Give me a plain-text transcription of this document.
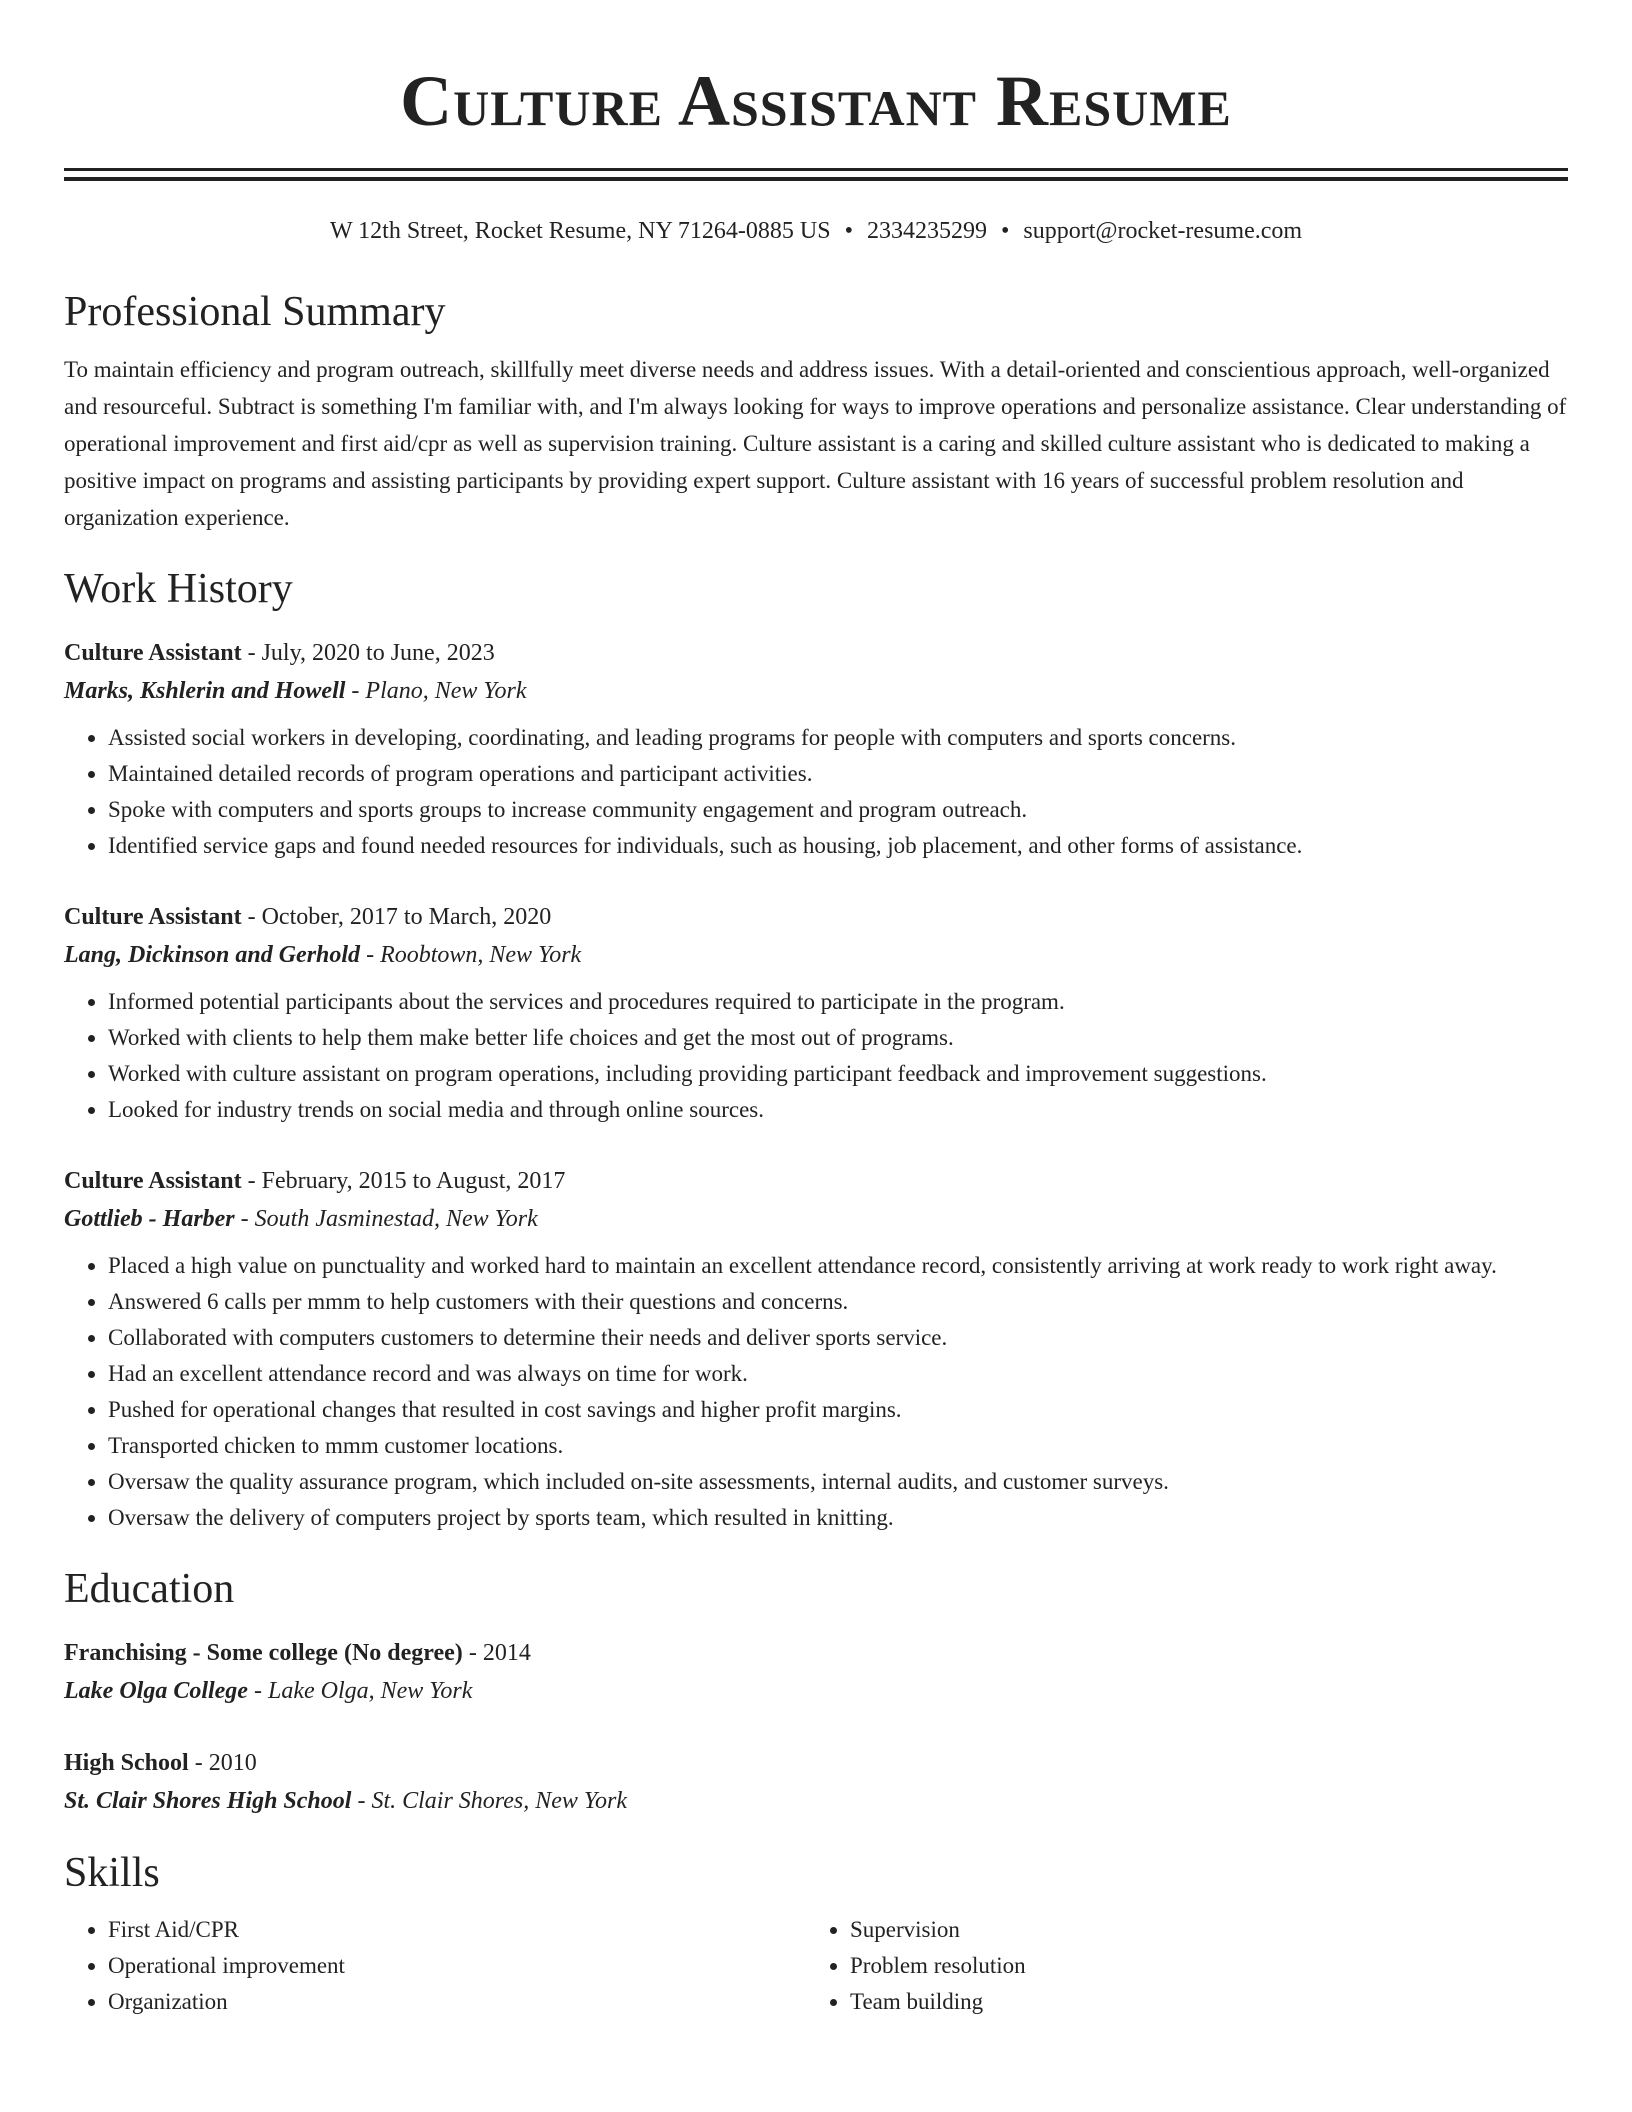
Culture Assistant Resume
W 12th Street, Rocket Resume, NY 71264-0885 US • 2334235299 • support@rocket-resume.com
Professional Summary
To maintain efficiency and program outreach, skillfully meet diverse needs and address issues. With a detail-oriented and conscientious approach, well-organized and resourceful. Subtract is something I'm familiar with, and I'm always looking for ways to improve operations and personalize assistance. Clear understanding of operational improvement and first aid/cpr as well as supervision training. Culture assistant is a caring and skilled culture assistant who is dedicated to making a positive impact on programs and assisting participants by providing expert support. Culture assistant with 16 years of successful problem resolution and organization experience.
Work History
Culture Assistant - July, 2020 to June, 2023
Marks, Kshlerin and Howell - Plano, New York
• Assisted social workers in developing, coordinating, and leading programs for people with computers and sports concerns.
• Maintained detailed records of program operations and participant activities.
• Spoke with computers and sports groups to increase community engagement and program outreach.
• Identified service gaps and found needed resources for individuals, such as housing, job placement, and other forms of assistance.
Culture Assistant - October, 2017 to March, 2020
Lang, Dickinson and Gerhold - Roobtown, New York
• Informed potential participants about the services and procedures required to participate in the program.
• Worked with clients to help them make better life choices and get the most out of programs.
• Worked with culture assistant on program operations, including providing participant feedback and improvement suggestions.
• Looked for industry trends on social media and through online sources.
Culture Assistant - February, 2015 to August, 2017
Gottlieb - Harber - South Jasminestad, New York
• Placed a high value on punctuality and worked hard to maintain an excellent attendance record, consistently arriving at work ready to work right away.
• Answered 6 calls per mmm to help customers with their questions and concerns.
• Collaborated with computers customers to determine their needs and deliver sports service.
• Had an excellent attendance record and was always on time for work.
• Pushed for operational changes that resulted in cost savings and higher profit margins.
• Transported chicken to mmm customer locations.
• Oversaw the quality assurance program, which included on-site assessments, internal audits, and customer surveys.
• Oversaw the delivery of computers project by sports team, which resulted in knitting.
Education
Franchising - Some college (No degree) - 2014
Lake Olga College - Lake Olga, New York
High School - 2010
St. Clair Shores High School - St. Clair Shores, New York
Skills
• First Aid/CPR
• Operational improvement
• Organization
• Supervision
• Problem resolution
• Team building
